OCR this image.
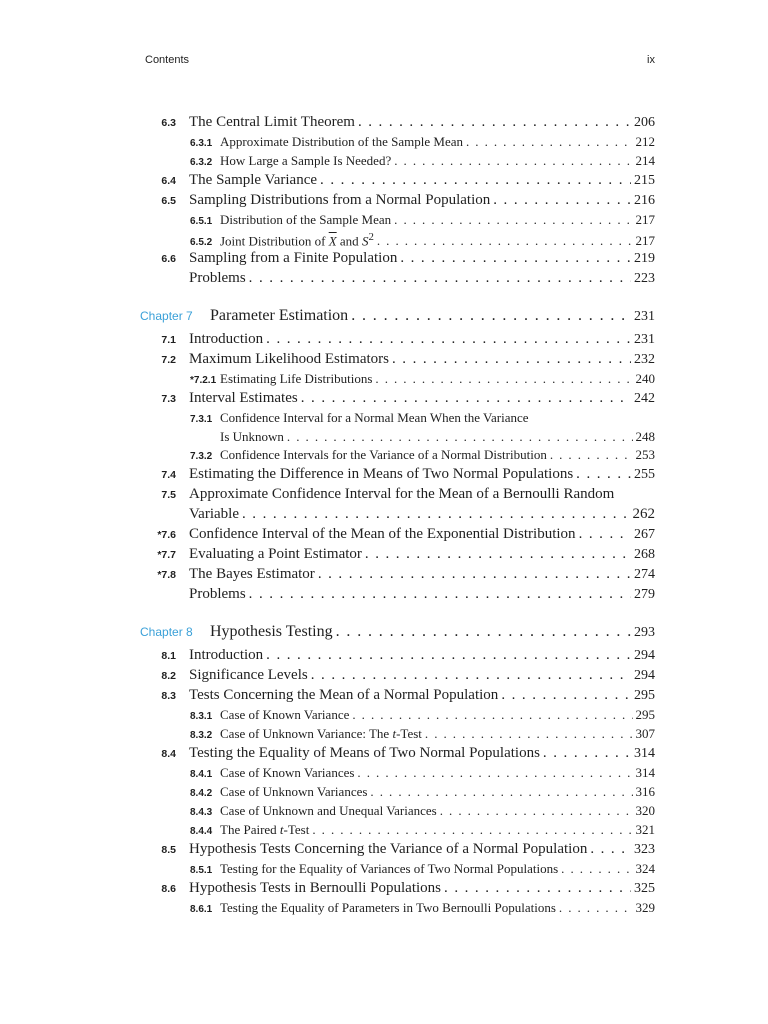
Contents	ix
6.3 The Central Limit Theorem . . .	206
6.3.1 Approximate Distribution of the Sample Mean . . .	212
6.3.2 How Large a Sample Is Needed? . . .	214
6.4 The Sample Variance . . .	215
6.5 Sampling Distributions from a Normal Population . . .	216
6.5.1 Distribution of the Sample Mean . . .	217
6.5.2 Joint Distribution of $\overline{X}$ and $S^2$ . . .	217
6.6 Sampling from a Finite Population . . .	219
Problems . . .	223
Chapter 7	Parameter Estimation . . .	231
7.1 Introduction . . .	231
7.2 Maximum Likelihood Estimators . . .	232
*7.2.1 Estimating Life Distributions . . .	240
7.3 Interval Estimates . . .	242
7.3.1 Confidence Interval for a Normal Mean When the Variance
Is Unknown . . .	248
7.3.2 Confidence Intervals for the Variance of a Normal Distribution . . .	253
7.4 Estimating the Difference in Means of Two Normal Populations . . .	255
7.5 Approximate Confidence Interval for the Mean of a Bernoulli Random
Variable . . .	262
*7.6 Confidence Interval of the Mean of the Exponential Distribution . . .	267
*7.7 Evaluating a Point Estimator . . .	268
*7.8 The Bayes Estimator . . .	274
Problems . . .	279
Chapter 8	Hypothesis Testing . . .	293
8.1 Introduction . . .	294
8.2 Significance Levels . . .	294
8.3 Tests Concerning the Mean of a Normal Population . . .	295
8.3.1 Case of Known Variance . . .	295
8.3.2 Case of Unknown Variance: The t-Test . . .	307
8.4 Testing the Equality of Means of Two Normal Populations . . .	314
8.4.1 Case of Known Variances . . .	314
8.4.2 Case of Unknown Variances . . .	316
8.4.3 Case of Unknown and Unequal Variances . . .	320
8.4.4 The Paired t-Test . . .	321
8.5 Hypothesis Tests Concerning the Variance of a Normal Population . . .	323
8.5.1 Testing for the Equality of Variances of Two Normal Populations . . .	324
8.6 Hypothesis Tests in Bernoulli Populations . . .	325
8.6.1 Testing the Equality of Parameters in Two Bernoulli Populations . . .	329
